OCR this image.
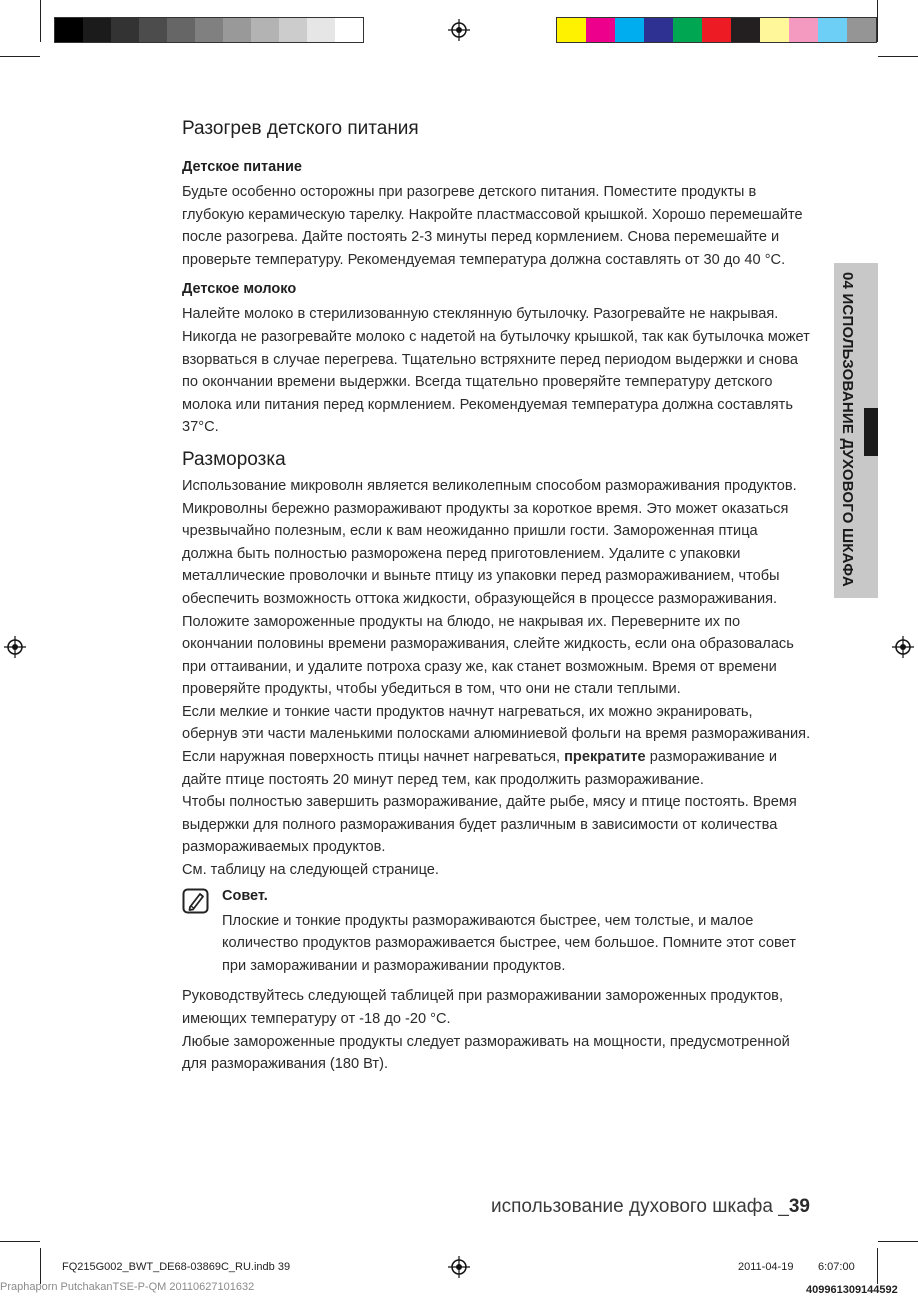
04 ИСПОЛЬЗОВАНИЕ ДУХОВОГО ШКАФА
Разогрев детского питания
Детское питание

Будьте особенно осторожны при разогреве детского питания. Поместите продукты в глубокую керамическую тарелку. Накройте пластмассовой крышкой. Хорошо перемешайте после разогрева. Дайте постоять 2-3 минуты перед кормлением. Снова перемешайте и проверьте температуру. Рекомендуемая температура должна составлять от 30 до 40 °C.

Детское молоко

Налейте молоко в стерилизованную стеклянную бутылочку. Разогревайте не накрывая. Никогда не разогревайте молоко с надетой на бутылочку крышкой, так как бутылочка может взорваться в случае перегрева. Тщательно встряхните перед периодом выдержки и снова по окончании времени выдержки. Всегда тщательно проверяйте температуру детского молока или питания перед кормлением. Рекомендуемая температура должна составлять 37°C.

Разморозка

Использование микроволн является великолепным способом размораживания продуктов. Микроволны бережно размораживают продукты за короткое время. Это может оказаться чрезвычайно полезным, если к вам неожиданно пришли гости. Замороженная птица должна быть полностью разморожена перед приготовлением. Удалите с упаковки металлические проволочки и выньте птицу из упаковки перед размораживанием, чтобы обеспечить возможность оттока жидкости, образующейся в процессе размораживания.

Положите замороженные продукты на блюдо, не накрывая их. Переверните их по окончании половины времени размораживания, слейте жидкость, если она образовалась при оттаивании, и удалите потроха сразу же, как станет возможным. Время от времени проверяйте продукты, чтобы убедиться в том, что они не стали теплыми.

Если мелкие и тонкие части продуктов начнут нагреваться, их можно экранировать, обернув эти части маленькими полосками алюминиевой фольги на время размораживания.

Если наружная поверхность птицы начнет нагреваться, прекратите размораживание и дайте птице постоять 20 минут перед тем, как продолжить размораживание.

Чтобы полностью завершить размораживание, дайте рыбе, мясу и птице постоять. Время выдержки для полного размораживания будет различным в зависимости от количества размораживаемых продуктов.

См. таблицу на следующей странице.

Совет.

Плоские и тонкие продукты размораживаются быстрее, чем толстые, и малое количество продуктов размораживается быстрее, чем большое. Помните этот совет при замораживании и размораживании продуктов.

Руководствуйтесь следующей таблицей при размораживании замороженных продуктов, имеющих температуру от -18 до -20 °C.

Любые замороженные продукты следует размораживать на мощности, предусмотренной для размораживания (180 Вт).

использование духового шкафа _39
FQ215G002_BWT_DE68-03869C_RU.indb 39	2011-04-19 6:07:00
Praphaporn PutchakanTSE-P-QM 20110627101632	409961309144592
